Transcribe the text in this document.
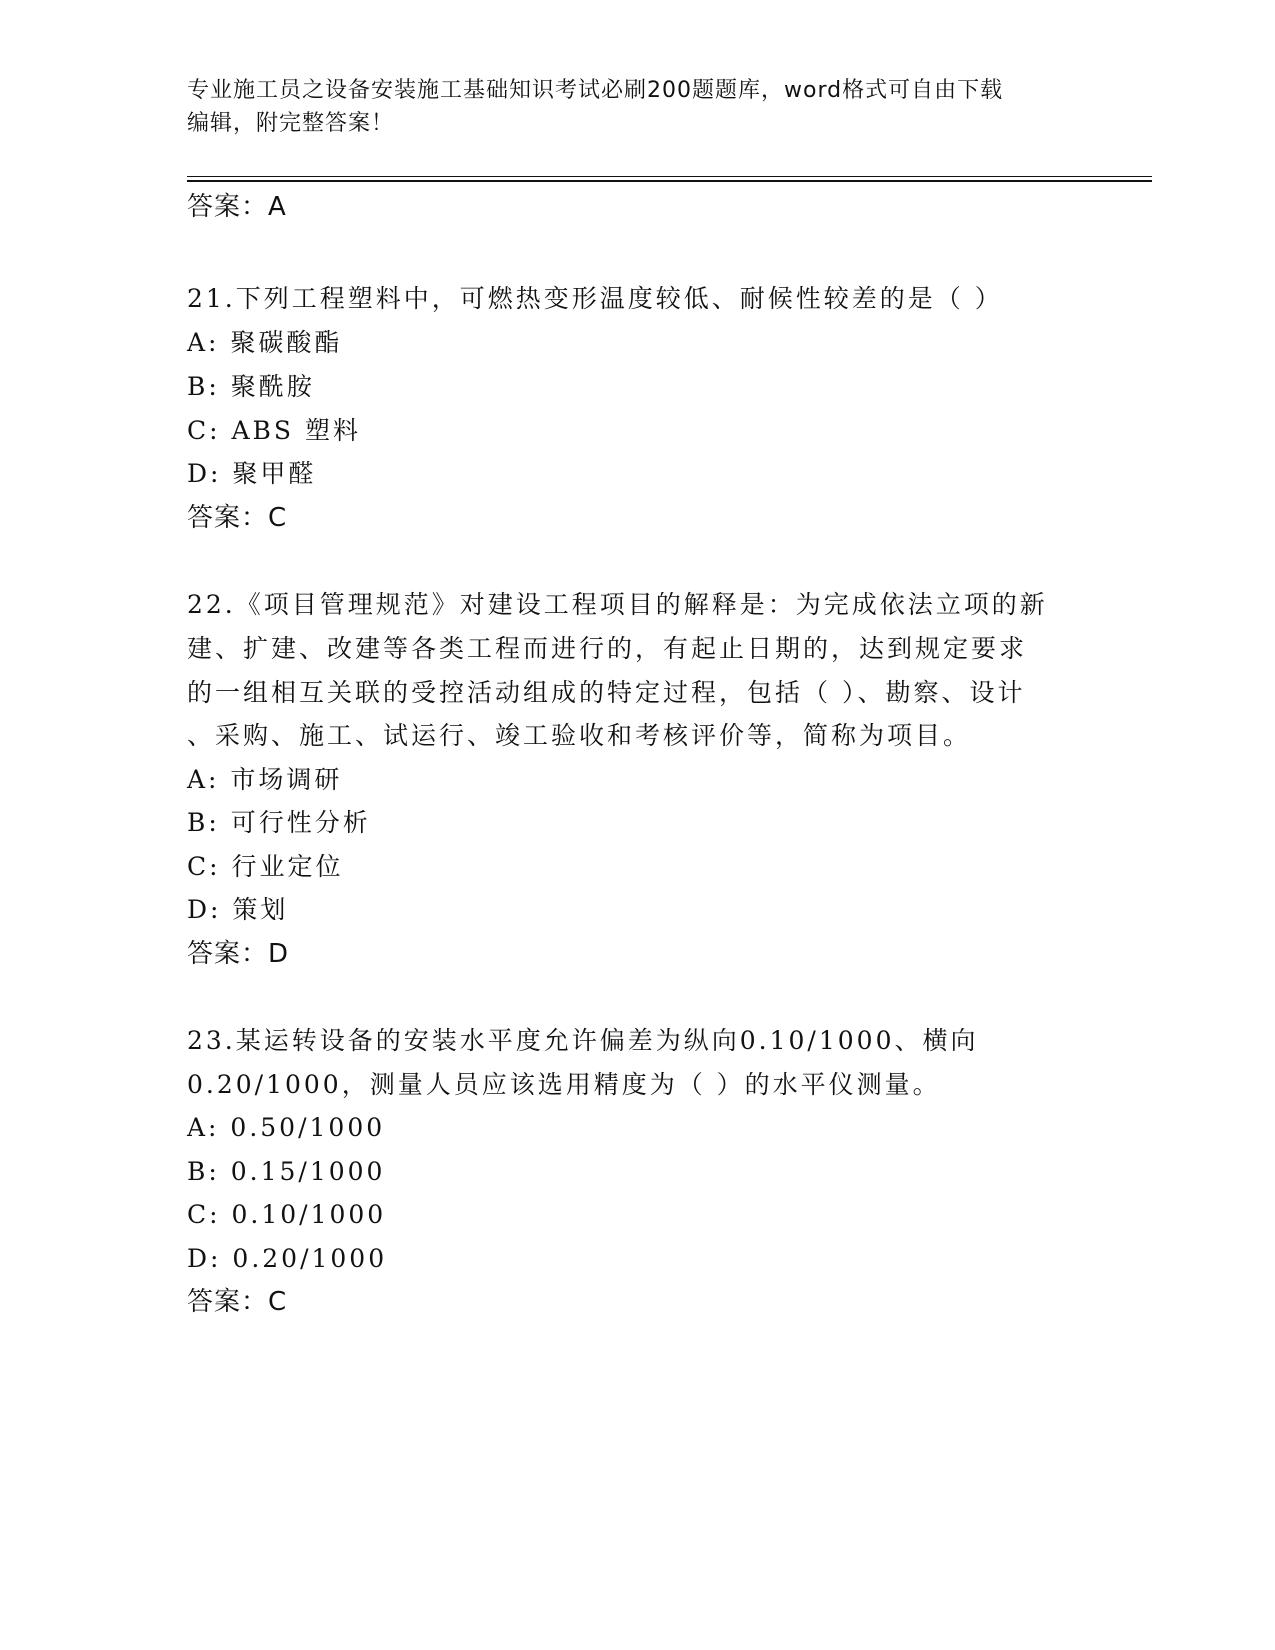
专业施工员之设备安装施工基础知识考试必刷200题题库，word格式可自由下载
编辑，附完整答案！
答案：A
21.下列工程塑料中，可燃热变形温度较低、耐候性较差的是（ ）
A: 聚碳酸酯
B: 聚酰胺
C: ABS 塑料
D: 聚甲醛
答案：C
22.《项目管理规范》对建设工程项目的解释是：为完成依法立项的新
建、扩建、改建等各类工程而进行的，有起止日期的，达到规定要求
的一组相互关联的受控活动组成的特定过程，包括（ ）、勘察、设计
、采购、施工、试运行、竣工验收和考核评价等，简称为项目。
A: 市场调研
B: 可行性分析
C: 行业定位
D: 策划
答案：D
23.某运转设备的安装水平度允许偏差为纵向0.10/1000、横向
0.20/1000，测量人员应该选用精度为（ ）的水平仪测量。
A: 0.50/1000
B: 0.15/1000
C: 0.10/1000
D: 0.20/1000
答案：C
